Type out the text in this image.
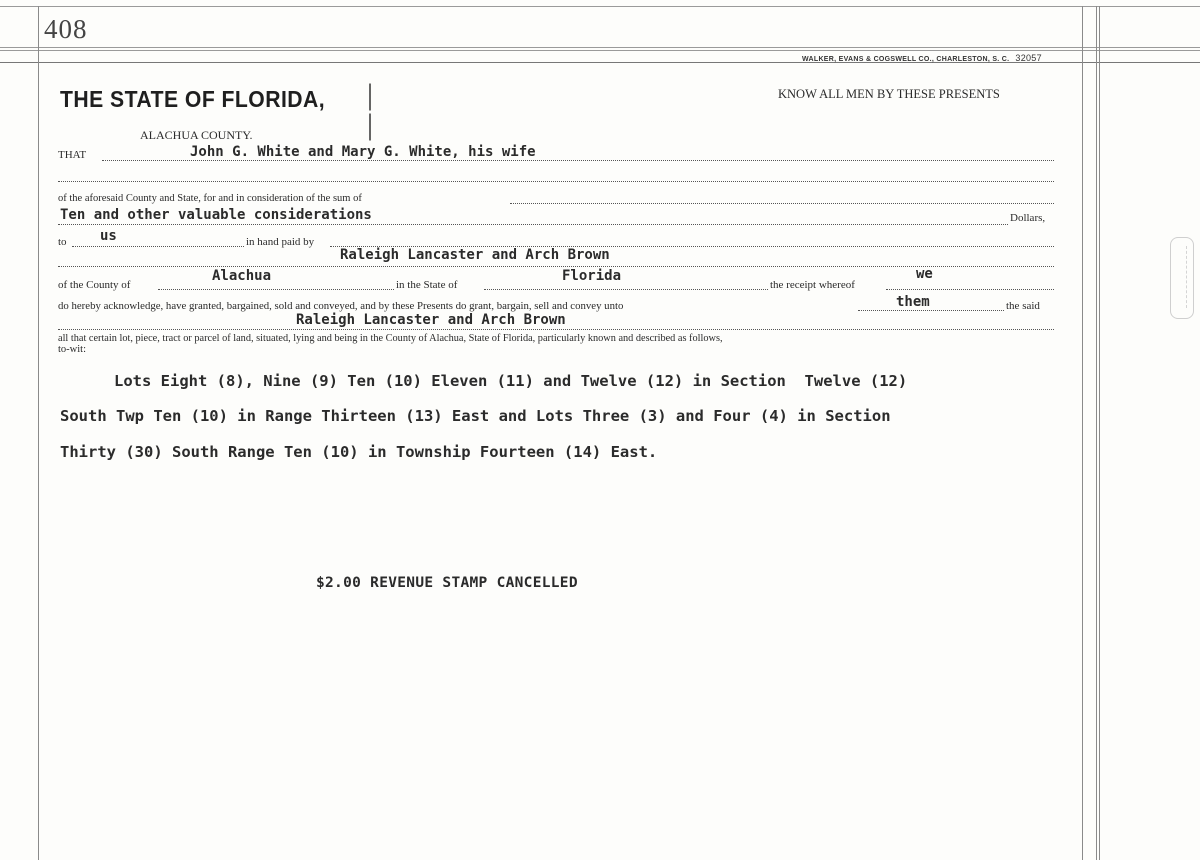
408
WALKER, EVANS & COGSWELL CO., CHARLESTON, S. C. 32057
THE STATE OF FLORIDA, |
|
ALACHUA COUNTY.
KNOW ALL MEN BY THESE PRESENTS
THAT	John G. White and Mary G. White, his wife
of the aforesaid County and State, for and in consideration of the sum of
Ten and other valuable considerations	Dollars,
to us	in hand paid by
Raleigh Lancaster and Arch Brown
of the County of
Alachua
in the State of
Florida
the receipt whereof
we
do hereby acknowledge, have granted, bargained, sold and conveyed, and by these Presents do grant, bargain, sell and convey unto	them	the said
Raleigh Lancaster and Arch Brown
all that certain lot, piece, tract or parcel of land, situated, lying and being in the County of Alachua, State of Florida, particularly known and described as follows,
to-wit:
Lots Eight (8), Nine (9) Ten (10) Eleven (11) and Twelve (12) in Section  Twelve (12)
South Twp Ten (10) in Range Thirteen (13) East and Lots Three (3) and Four (4) in Section
Thirty (30) South Range Ten (10) in Township Fourteen (14) East.
$2.00 REVENUE STAMP CANCELLED
